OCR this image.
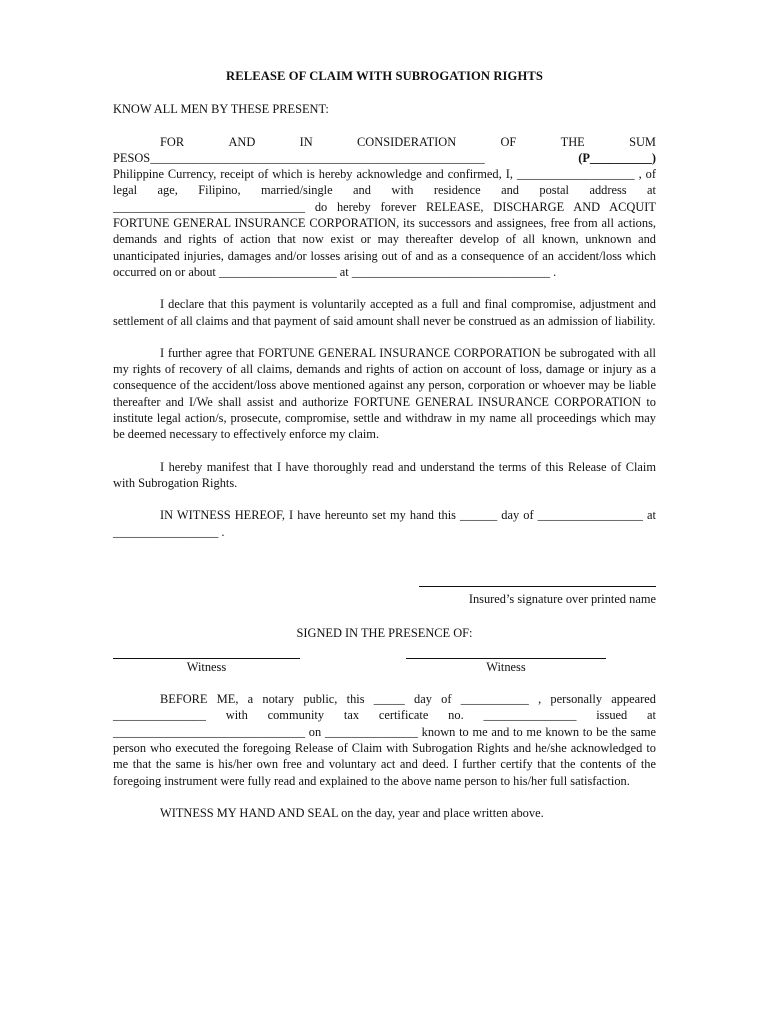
RELEASE OF CLAIM WITH SUBROGATION RIGHTS

KNOW ALL MEN BY THESE PRESENT:

FOR	AND	IN	CONSIDERATION	OF	THE	SUM
PESOS______________________________________________________	(P__________)

Philippine Currency, receipt of which is hereby acknowledge and confirmed, I, ___________________ , of legal age, Filipino, married/single and with residence and postal address at _______________________________ do hereby forever RELEASE, DISCHARGE AND ACQUIT FORTUNE GENERAL INSURANCE CORPORATION, its successors and assignees, free from all actions, demands and rights of action that now exist or may thereafter develop of all known, unknown and unanticipated injuries, damages and/or losses arising out of and as a consequence of an accident/loss which occurred on or about ___________________ at ________________________________ .

I declare that this payment is voluntarily accepted as a full and final compromise, adjustment and settlement of all claims and that payment of said amount shall never be construed as an admission of liability.

I further agree that FORTUNE GENERAL INSURANCE CORPORATION be subrogated with all my rights of recovery of all claims, demands and rights of action on account of loss, damage or injury as a consequence of the accident/loss above mentioned against any person, corporation or whoever may be liable thereafter and I/We shall assist and authorize FORTUNE GENERAL INSURANCE CORPORATION to institute legal action/s, prosecute, compromise, settle and withdraw in my name all proceedings which may be deemed necessary to effectively enforce my claim.

I hereby manifest that I have thoroughly read and understand the terms of this Release of Claim with Subrogation Rights.

IN WITNESS HEREOF, I have hereunto set my hand this ______ day of _________________ at _________________ .

Insured’s signature over printed name

SIGNED IN THE PRESENCE OF:

Witness	Witness

BEFORE ME, a notary public, this _____ day of ___________ , personally appeared _______________ with community tax certificate no. _______________ issued at _______________________________ on _______________ known to me and to me known to be the same person who executed the foregoing Release of Claim with Subrogation Rights and he/she acknowledged to me that the same is his/her own free and voluntary act and deed. I further certify that the contents of the foregoing instrument were fully read and explained to the above name person to his/her full satisfaction.

WITNESS MY HAND AND SEAL on the day, year and place written above.
